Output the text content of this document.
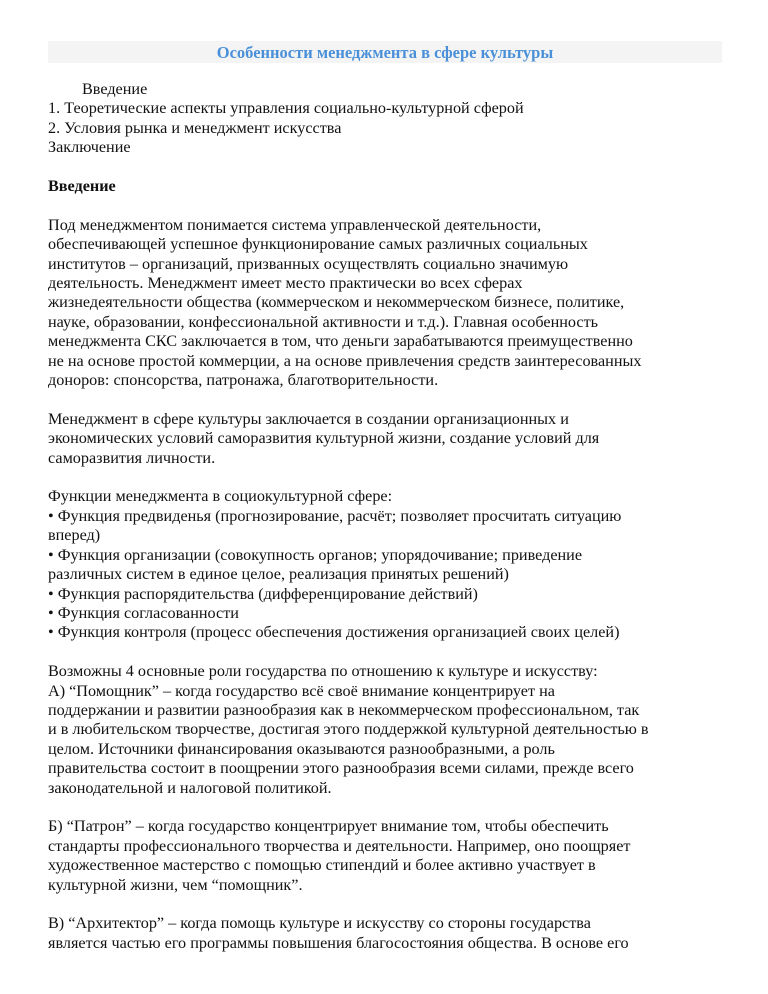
Особенности менеджмента в сфере культуры
Введение
1. Теоретические аспекты управления социально-культурной сферой
2. Условия рынка и менеджмент искусства
Заключение
Введение
Под менеджментом понимается система управленческой деятельности,
обеспечивающей успешное функционирование самых различных социальных
институтов – организаций, призванных осуществлять социально значимую
деятельность. Менеджмент имеет место практически во всех сферах
жизнедеятельности общества (коммерческом и некоммерческом бизнесе, политике,
науке, образовании, конфессиональной активности и т.д.). Главная особенность
менеджмента СКС заключается в том, что деньги зарабатываются преимущественно
не на основе простой коммерции, а на основе привлечения средств заинтересованных
доноров: спонсорства, патронажа, благотворительности.
Менеджмент в сфере культуры заключается в создании организационных и
экономических условий саморазвития культурной жизни, создание условий для
саморазвития личности.
Функции менеджмента в социокультурной сфере:
• Функция предвиденья (прогнозирование, расчёт; позволяет просчитать ситуацию
вперед)
• Функция организации (совокупность органов; упорядочивание; приведение
различных систем в единое целое, реализация принятых решений)
• Функция распорядительства (дифференцирование действий)
• Функция согласованности
• Функция контроля (процесс обеспечения достижения организацией своих целей)
Возможны 4 основные роли государства по отношению к культуре и искусству:
А) “Помощник” – когда государство всё своё внимание концентрирует на
поддержании и развитии разнообразия как в некоммерческом профессиональном, так
и в любительском творчестве, достигая этого поддержкой культурной деятельностью в
целом. Источники финансирования оказываются разнообразными, а роль
правительства состоит в поощрении этого разнообразия всеми силами, прежде всего
законодательной и налоговой политикой.
Б) “Патрон” – когда государство концентрирует внимание том, чтобы обеспечить
стандарты профессионального творчества и деятельности. Например, оно поощряет
художественное мастерство с помощью стипендий и более активно участвует в
культурной жизни, чем “помощник”.
В) “Архитектор” – когда помощь культуре и искусству со стороны государства
является частью его программы повышения благосостояния общества. В основе его
